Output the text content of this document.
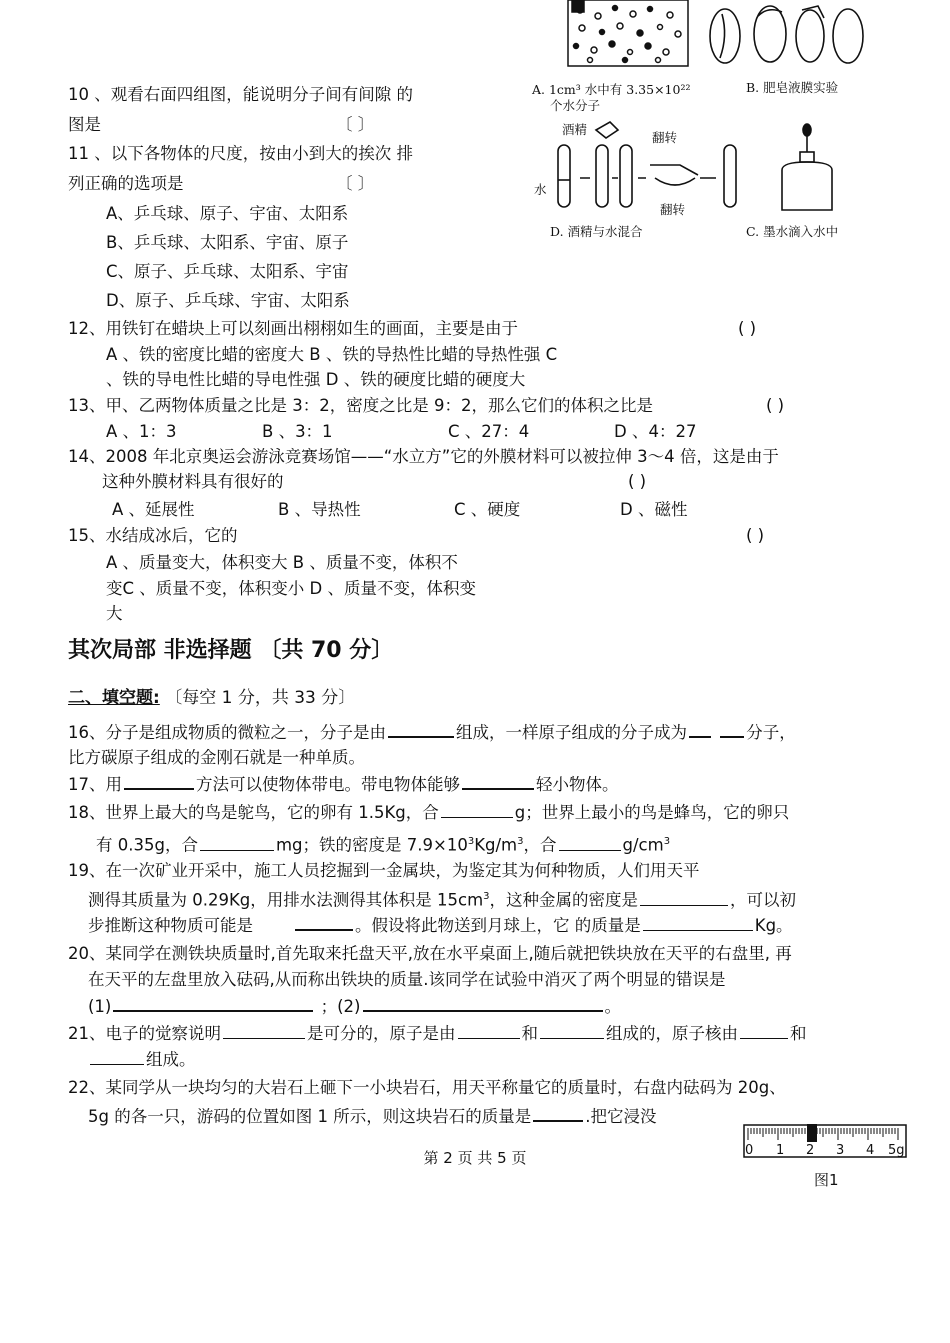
A. 1cm³ 水中有 3.35×10²²
个水分子
B. 肥皂液膜实验
酒精
翻转
水
翻转
D. 酒精与水混合	C. 墨水滴入水中
10 、观看右面四组图，能说明分子间有间隙 的
图是	〔 〕
11 、以下各物体的尺度，按由小到大的挨次 排
列正确的选项是	〔 〕
A、乒乓球、原子、宇宙、太阳系
B、乒乓球、太阳系、宇宙、原子
C、原子、乒乓球、太阳系、宇宙
D、原子、乒乓球、宇宙、太阳系
12、用铁钉在蜡块上可以刻画出栩栩如生的画面，主要是由于	( )
A 、铁的密度比蜡的密度大 B 、铁的导热性比蜡的导热性强 C
、铁的导电性比蜡的导电性强 D 、铁的硬度比蜡的硬度大
13、甲、乙两物体质量之比是 3：2，密度之比是 9：2，那么它们的体积之比是	( )
A 、1：3	B 、3：1	C 、27：4	D 、4：27
14、2008 年北京奥运会游泳竞赛场馆——“水立方”它的外膜材料可以被拉伸 3～4 倍，这是由于
这种外膜材料具有很好的	( )
A 、延展性	B 、导热性	C 、硬度	D 、磁性
15、水结成冰后，它的	( )
A 、质量变大，体积变大 B 、质量不变，体积不
变C 、质量不变，体积变小 D 、质量不变，体积变
大
其次局部 非选择题 〔共 70 分〕
二、填空题: 〔每空 1 分，共 33 分〕
16、分子是组成物质的微粒之一，分子是由	组成，一样原子组成的分子成为	分子，
比方碳原子组成的金刚石就是一种单质。
17、用	方法可以使物体带电。带电物体能够	轻小物体。
18、世界上最大的鸟是鸵鸟，它的卵有 1.5Kg，合	g；世界上最小的鸟是蜂鸟，它的卵只
有 0.35g，合	mg；铁的密度是 $7.9\times 10^3Kg/m^3$，合	$g/cm^3$
19、在一次矿业开采中，施工人员挖掘到一金属块，为鉴定其为何种物质，人们用天平
测得其质量为 0.29Kg，用排水法测得其体积是 $15cm^3$，这种金属的密度是	，可以初
步推断这种物质可能是	。假设将此物送到月球上，它 的质量是	Kg。
20、某同学在测铁块质量时,首先取来托盘天平,放在水平桌面上,随后就把铁块放在天平的右盘里, 再
在天平的左盘里放入砝码,从而称出铁块的质量.该同学在试验中消灭了两个明显的错误是
(1)	；(2)	。
21、电子的觉察说明	是可分的，原子是由	和	组成的，原子核由	和
组成。
22、某同学从一块均匀的大岩石上砸下一小块岩石，用天平称量它的质量时，右盘内砝码为 20g、
5g 的各一只，游码的位置如图 1 所示，则这块岩石的质量是	.把它浸没
0 1 2 3 4 5g
图1
第 2 页 共 5 页
